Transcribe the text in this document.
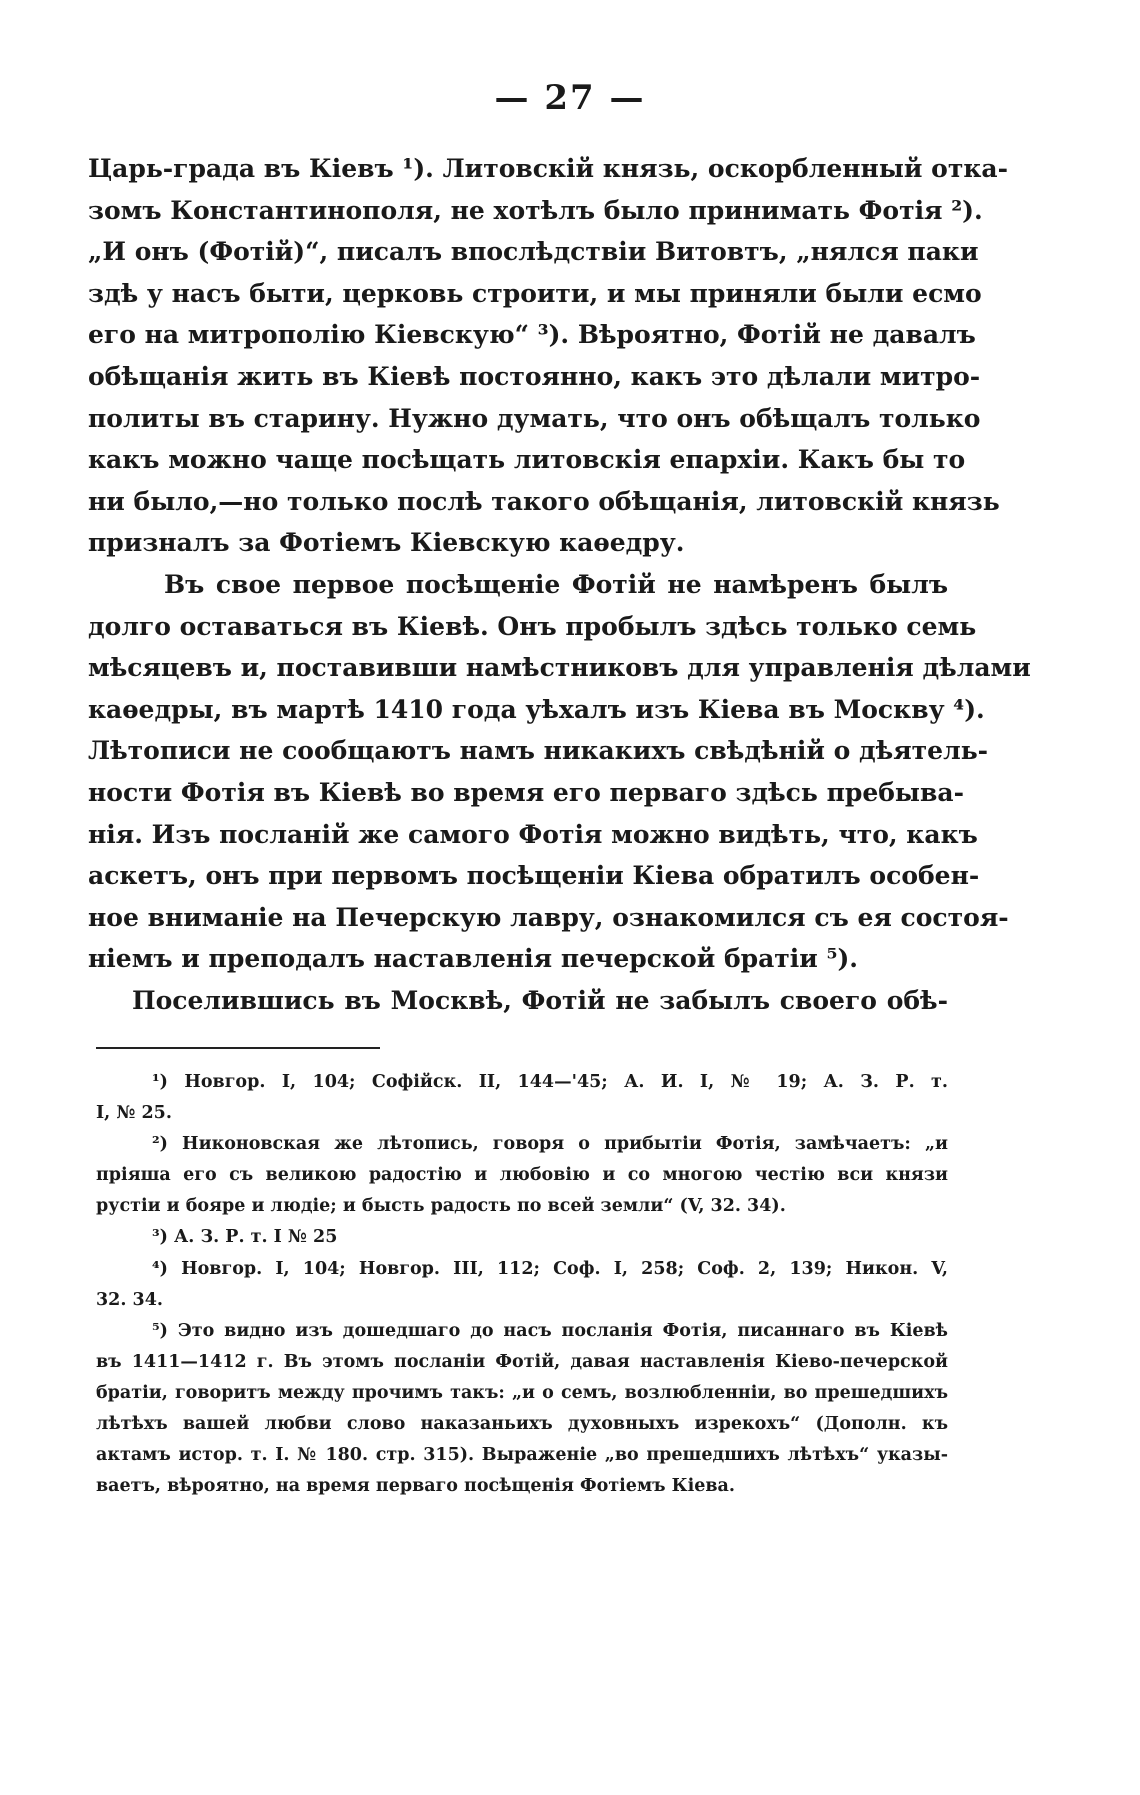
— 27 —
Царь-града въ Кіевъ ¹). Литовскій князь, оскорбленный отка-
зомъ Константинополя, не хотѣлъ было принимать Фотія ²).
„И онъ (Фотій)“, писалъ впослѣдствіи Витовтъ, „нялся паки
здѣ у насъ быти, церковь строити, и мы приняли были есмо
его на митрополію Кіевскую“ ³). Вѣроятно, Фотій не давалъ
обѣщанія жить въ Кіевѣ постоянно, какъ это дѣлали митро-
политы въ старину. Нужно думать, что онъ обѣщалъ только
какъ можно чаще посѣщать литовскія епархіи. Какъ бы то
ни было,—но только послѣ такого обѣщанія, литовскій князь
призналъ за Фотіемъ Кіевскую каѳедру.
Въ свое первое посѣщеніе Фотій не намѣренъ былъ
долго оставаться въ Кіевѣ. Онъ пробылъ здѣсь только семь
мѣсяцевъ и, поставивши намѣстниковъ для управленія дѣлами
каѳедры, въ мартѣ 1410 года уѣхалъ изъ Кіева въ Москву ⁴).
Лѣтописи не сообщаютъ намъ никакихъ свѣдѣній о дѣятель-
ности Фотія въ Кіевѣ во время его перваго здѣсь пребыва-
нія. Изъ посланій же самого Фотія можно видѣть, что, какъ
аскетъ, онъ при первомъ посѣщеніи Кіева обратилъ особен-
ное вниманіе на Печерскую лавру, ознакомился съ ея состоя-
ніемъ и преподалъ наставленія печерской братіи ⁵).
Поселившись въ Москвѣ, Фотій не забылъ своего обѣ-
¹) Новгор. I, 104; Софійск. II, 144—'45; А. И. I, № 19; А. З. Р. т.
I, № 25.
²) Никоновская же лѣтопись, говоря о прибытіи Фотія, замѣчаетъ: „и
пріяша его съ великою радостію и любовію и со многою честію вси князи
рустіи и бояре и людіе; и бысть радость по всей земли“ (V, 32. 34).
³) А. З. Р. т. I № 25
⁴) Новгор. I, 104; Новгор. III, 112; Соф. I, 258; Соф. 2, 139; Никон. V,
32. 34.
⁵) Это видно изъ дошедшаго до насъ посланія Фотія, писаннаго въ Кіевѣ
въ 1411—1412 г. Въ этомъ посланіи Фотій, давая наставленія Кіево-печерской
братіи, говоритъ между прочимъ такъ: „и о семъ, возлюбленніи, во прешедшихъ
лѣтѣхъ вашей любви слово наказаньихъ духовныхъ изрекохъ“ (Дополн. къ
актамъ истор. т. I. № 180. стр. 315). Выраженіе „во прешедшихъ лѣтѣхъ“ указы-
ваетъ, вѣроятно, на время перваго посѣщенія Фотіемъ Кіева.
